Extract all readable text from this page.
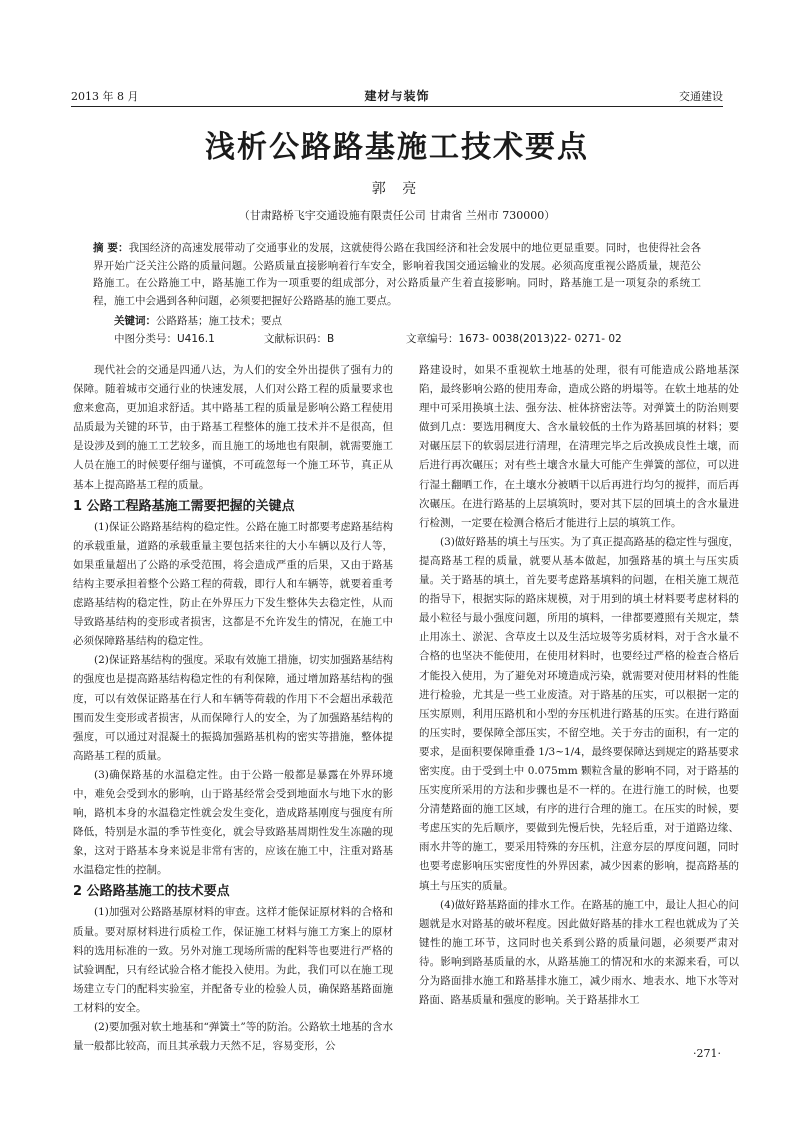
2013 年 8 月	建材与装饰	交通建设
浅析公路路基施工技术要点
郭 亮
（甘肃路桥飞宇交通设施有限责任公司 甘肃省 兰州市 730000）
摘 要：我国经济的高速发展带动了交通事业的发展，这就使得公路在我国经济和社会发展中的地位更显重要。同时，也使得社会各界开始广泛关注公路的质量问题。公路质量直接影响着行车安全，影响着我国交通运输业的发展。必须高度重视公路质量，规范公路施工。在公路施工中，路基施工作为一项重要的组成部分，对公路质量产生着直接影响。同时，路基施工是一项复杂的系统工程，施工中会遇到各种问题，必须要把握好公路路基的施工要点。
关键词：公路路基；施工技术；要点
中图分类号：U416.1	文献标识码：B	文章编号：1673- 0038(2013)22- 0271- 02

现代社会的交通是四通八达，为人们的安全外出提供了强有力的保障。随着城市交通行业的快速发展，人们对公路工程的质量要求也愈来愈高，更加追求舒适。其中路基工程的质量是影响公路工程使用品质最为关键的环节，由于路基工程整体的施工技术并不是很高，但是设涉及到的施工工艺较多，而且施工的场地也有限制，就需要施工人员在施工的时候要仔细与谨慎，不可疏忽每一个施工环节，真正从基本上提高路基工程的质量。

1 公路工程路基施工需要把握的关键点

(1)保证公路路基结构的稳定性。公路在施工时都要考虑路基结构的承载重量，道路的承载重量主要包括来往的大小车辆以及行人等，如果重量超出了公路的承受范围，将会造成严重的后果，又由于路基结构主要承担着整个公路工程的荷载，即行人和车辆等，就要着重考虑路基结构的稳定性，防止在外界压力下发生整体失去稳定性，从而导致路基结构的变形或者损害，这都是不允许发生的情况，在施工中必须保障路基结构的稳定性。

(2)保证路基结构的强度。采取有效施工措施，切实加强路基结构的强度也是提高路基结构稳定性的有利保障，通过增加路基结构的强度，可以有效保证路基在行人和车辆等荷载的作用下不会超出承载范围而发生变形或者损害，从而保障行人的安全，为了加强路基结构的强度，可以通过对混凝土的振捣加强路基机构的密实等措施，整体提高路基工程的质量。

(3)确保路基的水温稳定性。由于公路一般都是暴露在外界环境中，难免会受到水的影响，山于路基经常会受到地面水与地下水的影响，路机本身的水温稳定性就会发生变化，造成路基刚度与强度有所降低，特别是水温的季节性变化，就会导致路基周期性发生冻融的现象，这对于路基本身来说是非常有害的，应该在施工中，注重对路基水温稳定性的控制。

2 公路路基施工的技术要点

(1)加强对公路路基原材料的审查。这样才能保证原材料的合格和质量。要对原材料进行质检工作，保证施工材料与施工方案上的原材料的选用标准的一致。另外对施工现场所需的配料等也要进行严格的试验调配，只有经试验合格才能投入使用。为此，我们可以在施工现场建立专门的配料实验室，并配备专业的检验人员，确保路基路面施工材料的安全。

(2)要加强对软土地基和“弹簧土”等的防治。公路软土地基的含水量一般都比较高，而且其承载力天然不足，容易变形，公

路建设时，如果不重视软土地基的处理，很有可能造成公路地基深陷，最终影响公路的使用寿命，造成公路的坍塌等。在软土地基的处理中可采用换填土法、强夯法、桩体挤密法等。对弹簧土的防治则要做到几点：要选用稠度大、含水量较低的土作为路基回填的材料；要对碾压层下的软弱层进行清理，在清理完毕之后改换成良性土壤，而后进行再次碾压；对有些土壤含水量大可能产生弹簧的部位，可以进行湿土翻晒工作，在土壤水分被晒干以后再进行均匀的搅拌，而后再次碾压。在进行路基的上层填筑时，要对其下层的回填土的含水量进行检测，一定要在检测合格后才能进行上层的填筑工作。

(3)做好路基的填土与压实。为了真正提高路基的稳定性与强度，提高路基工程的质量，就要从基本做起，加强路基的填土与压实质量。关于路基的填土，首先要考虑路基填料的问题，在相关施工规范的指导下，根据实际的路床规模，对于用到的填土材料要考虑材料的最小粒径与最小强度问题，所用的填料，一律都要遵照有关规定，禁止用冻土、淤泥、含草皮土以及生活垃圾等劣质材料，对于含水量不合格的也坚决不能使用，在使用材料时，也要经过严格的检查合格后才能投入使用，为了避免对环境造成污染，就需要对使用材料的性能进行检验，尤其是一些工业废渣。对于路基的压实，可以根据一定的压实原则，利用压路机和小型的夯压机进行路基的压实。在进行路面的压实时，要保障全部压实，不留空地。关于夯击的面积，有一定的要求，是面积要保障重叠 1/3~1/4，最终要保障达到规定的路基要求密实度。由于受到土中 0.075mm 颗粒含量的影响不同，对于路基的压实度所采用的方法和步骤也是不一样的。在进行施工的时候，也要分清楚路面的施工区域，有序的进行合理的施工。在压实的时候，要考虑压实的先后顺序，要做到先慢后快，先轻后重，对于道路边缘、雨水井等的施工，要采用特殊的夯压机，注意夯层的厚度问题，同时也要考虑影响压实密度性的外界因素，减少因素的影响，提高路基的填土与压实的质量。

(4)做好路基路面的排水工作。在路基的施工中，最让人担心的问题就是水对路基的破坏程度。因此做好路基的排水工程也就成为了关键性的施工环节，这同时也关系到公路的质量问题，必须要严肃对待。影响到路基质量的水，从路基施工的情况和水的来源来看，可以分为路面排水施工和路基排水施工，减少雨水、地表水、地下水等对路面、路基质量和强度的影响。关于路基排水工

·271·
